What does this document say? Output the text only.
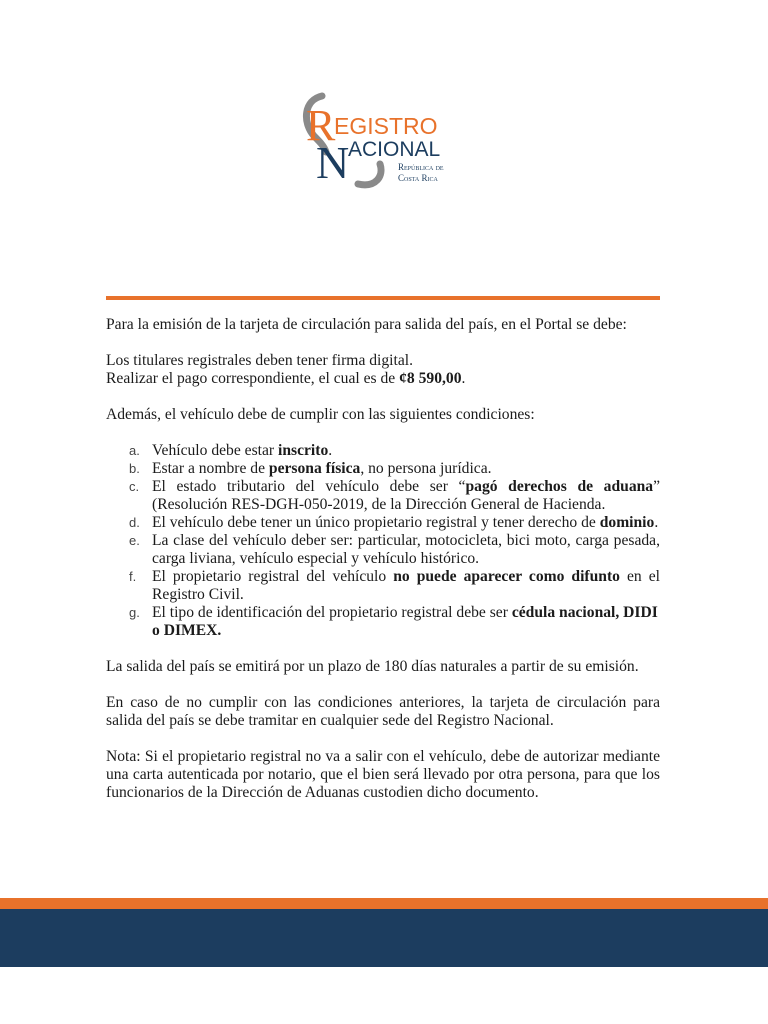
R
EGISTRO
N
ACIONAL
República de
Costa Rica

Para la emisión de la tarjeta de circulación para salida del país, en el Portal se debe:

Los titulares registrales deben tener firma digital.

Realizar el pago correspondiente, el cual es de ¢8 590,00.

Además, el vehículo debe de cumplir con las siguientes condiciones:

a. Vehículo debe estar inscrito.
b. Estar a nombre de persona física, no persona jurídica.
c. El estado tributario del vehículo debe ser “pagó derechos de aduana” (Resolución RES-DGH-050-2019, de la Dirección General de Hacienda.
d. El vehículo debe tener un único propietario registral y tener derecho de dominio.
e. La clase del vehículo deber ser: particular, motocicleta, bici moto, carga pesada, carga liviana, vehículo especial y vehículo histórico.
f. El propietario registral del vehículo no puede aparecer como difunto en el Registro Civil.
g. El tipo de identificación del propietario registral debe ser cédula nacional, DIDI o DIMEX.

La salida del país se emitirá por un plazo de 180 días naturales a partir de su emisión.

En caso de no cumplir con las condiciones anteriores, la tarjeta de circulación para salida del país se debe tramitar en cualquier sede del Registro Nacional.

Nota: Si el propietario registral no va a salir con el vehículo, debe de autorizar mediante una carta autenticada por notario, que el bien será llevado por otra persona, para que los funcionarios de la Dirección de Aduanas custodien dicho documento.
